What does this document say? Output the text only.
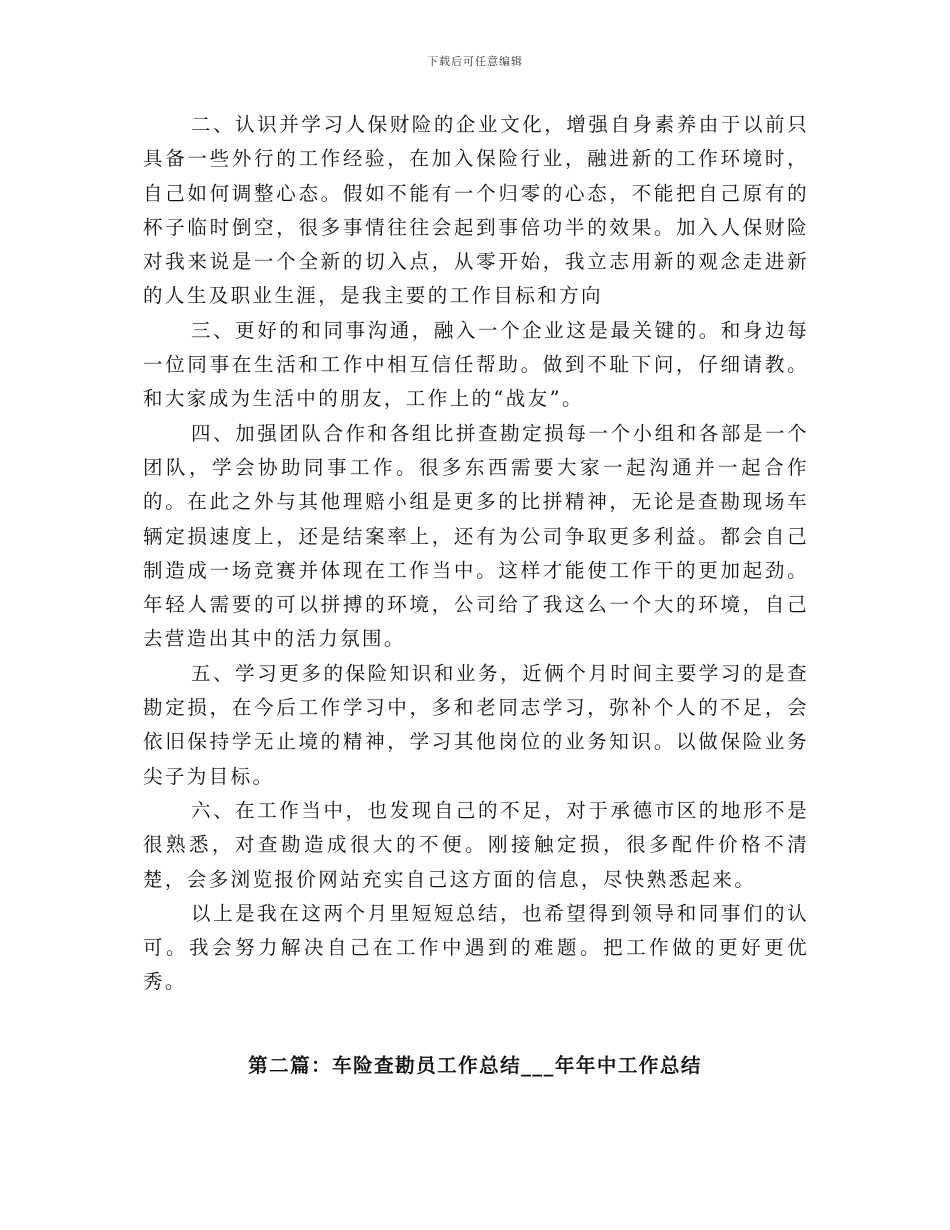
下载后可任意编辑

二、认识并学习人保财险的企业文化，增强自身素养由于以前只具备一些外行的工作经验，在加入保险行业，融进新的工作环境时，自己如何调整心态。假如不能有一个归零的心态，不能把自己原有的杯子临时倒空，很多事情往往会起到事倍功半的效果。加入人保财险对我来说是一个全新的切入点，从零开始，我立志用新的观念走进新的人生及职业生涯，是我主要的工作目标和方向

三、更好的和同事沟通，融入一个企业这是最关键的。和身边每一位同事在生活和工作中相互信任帮助。做到不耻下问，仔细请教。和大家成为生活中的朋友，工作上的“战友”。

四、加强团队合作和各组比拼查勘定损每一个小组和各部是一个团队，学会协助同事工作。很多东西需要大家一起沟通并一起合作的。在此之外与其他理赔小组是更多的比拼精神，无论是查勘现场车辆定损速度上，还是结案率上，还有为公司争取更多利益。都会自己制造成一场竞赛并体现在工作当中。这样才能使工作干的更加起劲。年轻人需要的可以拼搏的环境，公司给了我这么一个大的环境，自己去营造出其中的活力氛围。

五、学习更多的保险知识和业务，近俩个月时间主要学习的是查勘定损，在今后工作学习中，多和老同志学习，弥补个人的不足，会依旧保持学无止境的精神，学习其他岗位的业务知识。以做保险业务尖子为目标。

六、在工作当中，也发现自己的不足，对于承德市区的地形不是很熟悉，对查勘造成很大的不便。刚接触定损，很多配件价格不清楚，会多浏览报价网站充实自己这方面的信息，尽快熟悉起来。

以上是我在这两个月里短短总结，也希望得到领导和同事们的认可。我会努力解决自己在工作中遇到的难题。把工作做的更好更优秀。

第二篇：车险查勘员工作总结___年年中工作总结
